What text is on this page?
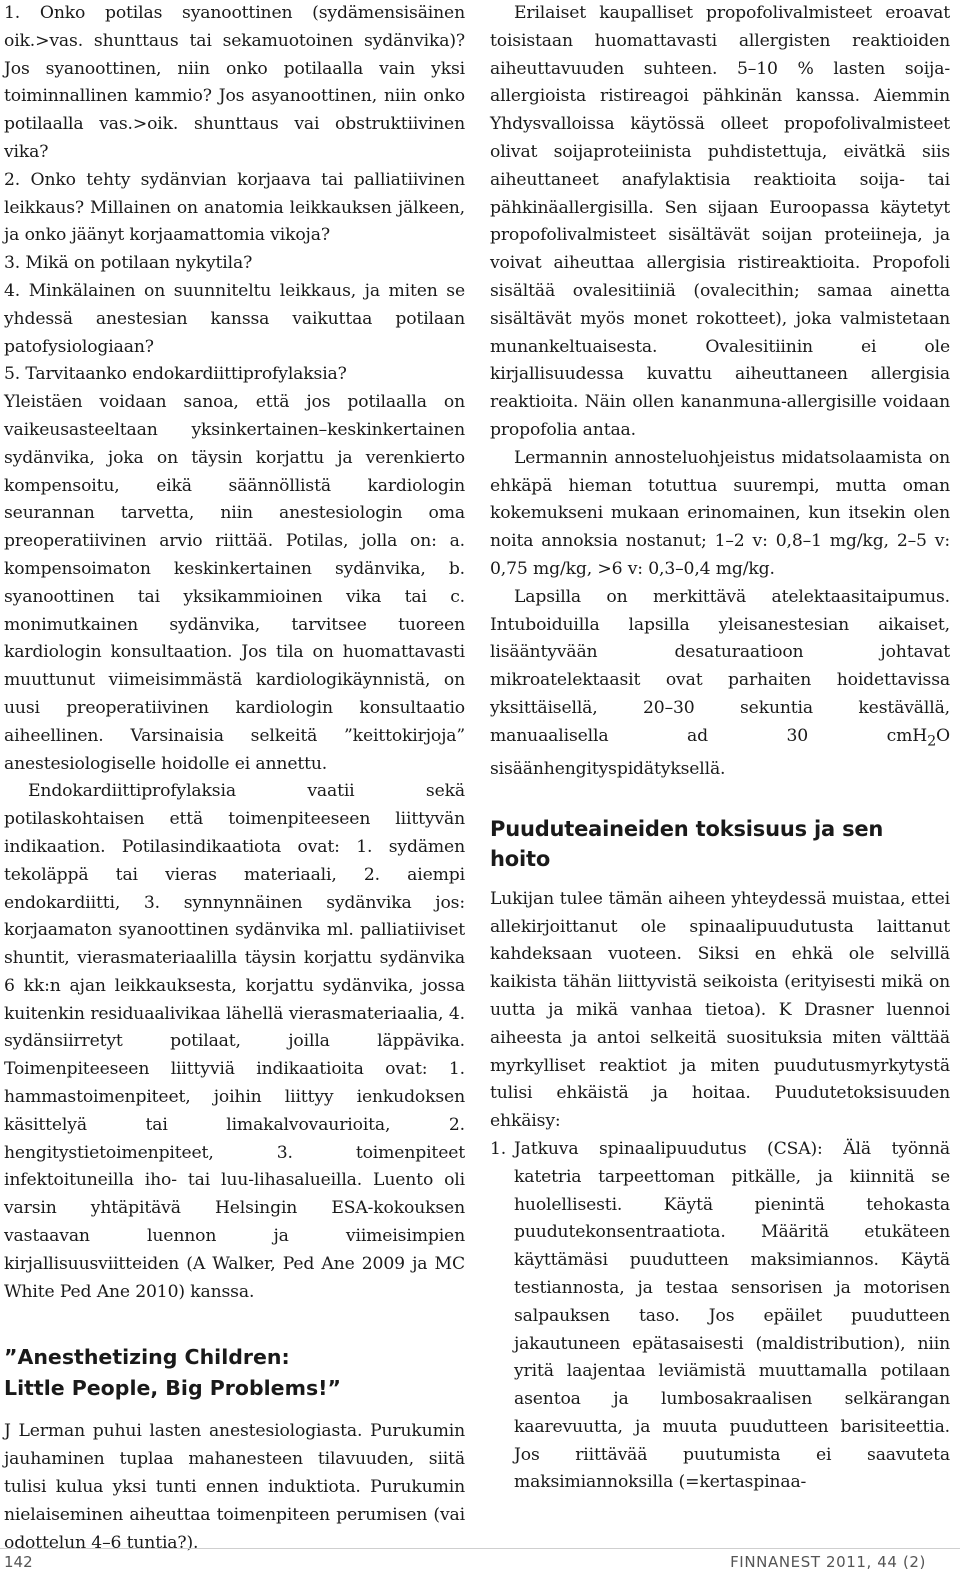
1. Onko potilas syanoottinen (sydämensisäinen oik.>vas. shunttaus tai sekamuotoinen sydänvika)? Jos syanoottinen, niin onko potilaalla vain yksi toiminnallinen kammio? Jos asyanoottinen, niin onko potilaalla vas.>oik. shunttaus vai obstruktiivinen vika?
2. Onko tehty sydänvian korjaava tai palliatiivinen leikkaus? Millainen on anatomia leikkauksen jälkeen, ja onko jäänyt korjaamattomia vikoja?
3. Mikä on potilaan nykytila?
4. Minkälainen on suunniteltu leikkaus, ja miten se yhdessä anestesian kanssa vaikuttaa potilaan patofysiologiaan?
5. Tarvitaanko endokardiittiprofylaksia?

Yleistäen voidaan sanoa, että jos potilaalla on vaikeusasteeltaan yksinkertainen–keskinkertainen sydänvika, joka on täysin korjattu ja verenkierto kompensoitu, eikä säännöllistä kardiologin seurannan tarvetta, niin anestesiologin oma preoperatiivinen arvio riittää. Potilas, jolla on: a. kompensoimaton keskinkertainen sydänvika, b. syanoottinen tai yksikammioinen vika tai c. monimutkainen sydänvika, tarvitsee tuoreen kardiologin konsultaation. Jos tila on huomattavasti muuttunut viimeisimmästä kardiologikäynnistä, on uusi preoperatiivinen kardiologin konsultaatio aiheellinen. Varsinaisia selkeitä ”keittokirjoja” anestesiologiselle hoidolle ei annettu.

Endokardiittiprofylaksia vaatii sekä potilaskohtaisen että toimenpiteeseen liittyvän indikaation. Potilasindikaatiota ovat: 1. sydämen tekoläppä tai vieras materiaali, 2. aiempi endokardiitti, 3. synnynnäinen sydänvika jos: korjaamaton syanoottinen sydänvika ml. palliatiiviset shuntit, vierasmateriaalilla täysin korjattu sydänvika 6 kk:n ajan leikkauksesta, korjattu sydänvika, jossa kuitenkin residuaalivikaa lähellä vierasmateriaalia, 4. sydänsiirretyt potilaat, joilla läppävika. Toimenpiteeseen liittyviä indikaatioita ovat: 1. hammastoimenpiteet, joihin liittyy ienkudoksen käsittelyä tai limakalvovaurioita, 2. hengitystietoimenpiteet, 3. toimenpiteet infektoituneilla iho- tai luu-lihasalueilla. Luento oli varsin yhtäpitävä Helsingin ESA-kokouksen vastaavan luennon ja viimeisimpien kirjallisuusviitteiden (A Walker, Ped Ane 2009 ja MC White Ped Ane 2010) kanssa.

”Anesthetizing Children:
Little People, Big Problems!”

J Lerman puhui lasten anestesiologiasta. Purukumin jauhaminen tuplaa mahanesteen tilavuuden, siitä tulisi kulua yksi tunti ennen induktiota. Purukumin nielaiseminen aiheuttaa toimenpiteen perumisen (vai odottelun 4–6 tuntia?).

Erilaiset kaupalliset propofolivalmisteet eroavat toisistaan huomattavasti allergisten reaktioiden aiheuttavuuden suhteen. 5–10 % lasten soija-allergioista ristireagoi pähkinän kanssa. Aiemmin Yhdysvalloissa käytössä olleet propofolivalmisteet olivat soijaproteiinista puhdistettuja, eivätkä siis aiheuttaneet anafylaktisia reaktioita soija- tai pähkinäallergisilla. Sen sijaan Euroopassa käytetyt propofolivalmisteet sisältävät soijan proteiineja, ja voivat aiheuttaa allergisia ristireaktioita. Propofoli sisältää ovalesitiiniä (ovalecithin; samaa ainetta sisältävät myös monet rokotteet), joka valmistetaan munankeltuaisesta. Ovalesitiinin ei ole kirjallisuudessa kuvattu aiheuttaneen allergisia reaktioita. Näin ollen kananmuna-allergisille voidaan propofolia antaa.

Lermannin annosteluohjeistus midatsolaamista on ehkäpä hieman totuttua suurempi, mutta oman kokemukseni mukaan erinomainen, kun itsekin olen noita annoksia nostanut; 1–2 v: 0,8–1 mg/kg, 2–5 v: 0,75 mg/kg, >6 v: 0,3–0,4 mg/kg.

Lapsilla on merkittävä atelektaasitaipumus. Intuboiduilla lapsilla yleisanestesian aikaiset, lisääntyvään desaturaatioon johtavat mikroatelektaasit ovat parhaiten hoidettavissa yksittäisellä, 20–30 sekuntia kestävällä, manuaalisella ad 30 cmH$_2$O sisäänhengityspidätyksellä.

Puuduteaineiden toksisuus ja sen hoito

Lukijan tulee tämän aiheen yhteydessä muistaa, ettei allekirjoittanut ole spinaalipuudutusta laittanut kahdeksaan vuoteen. Siksi en ehkä ole selvillä kaikista tähän liittyvistä seikoista (erityisesti mikä on uutta ja mikä vanhaa tietoa). K Drasner luennoi aiheesta ja antoi selkeitä suosituksia miten välttää myrkylliset reaktiot ja miten puudutusmyrkytystä tulisi ehkäistä ja hoitaa. Puudutetoksisuuden ehkäisy:

1. Jatkuva spinaalipuudutus (CSA): Älä työnnä katetria tarpeettoman pitkälle, ja kiinnitä se huolellisesti. Käytä pienintä tehokasta puudutekonsentraatiota. Määritä etukäteen käyttämäsi puudutteen maksimiannos. Käytä testiannosta, ja testaa sensorisen ja motorisen salpauksen taso. Jos epäilet puudutteen jakautuneen epätasaisesti (maldistribution), niin yritä laajentaa leviämistä muuttamalla potilaan asentoa ja lumbosakraalisen selkärangan kaarevuutta, ja muuta puudutteen barisiteettia. Jos riittävää puutumista ei saavuteta maksimiannoksilla (=kertaspinaa-
142	FINNANEST 2011, 44 (2)
